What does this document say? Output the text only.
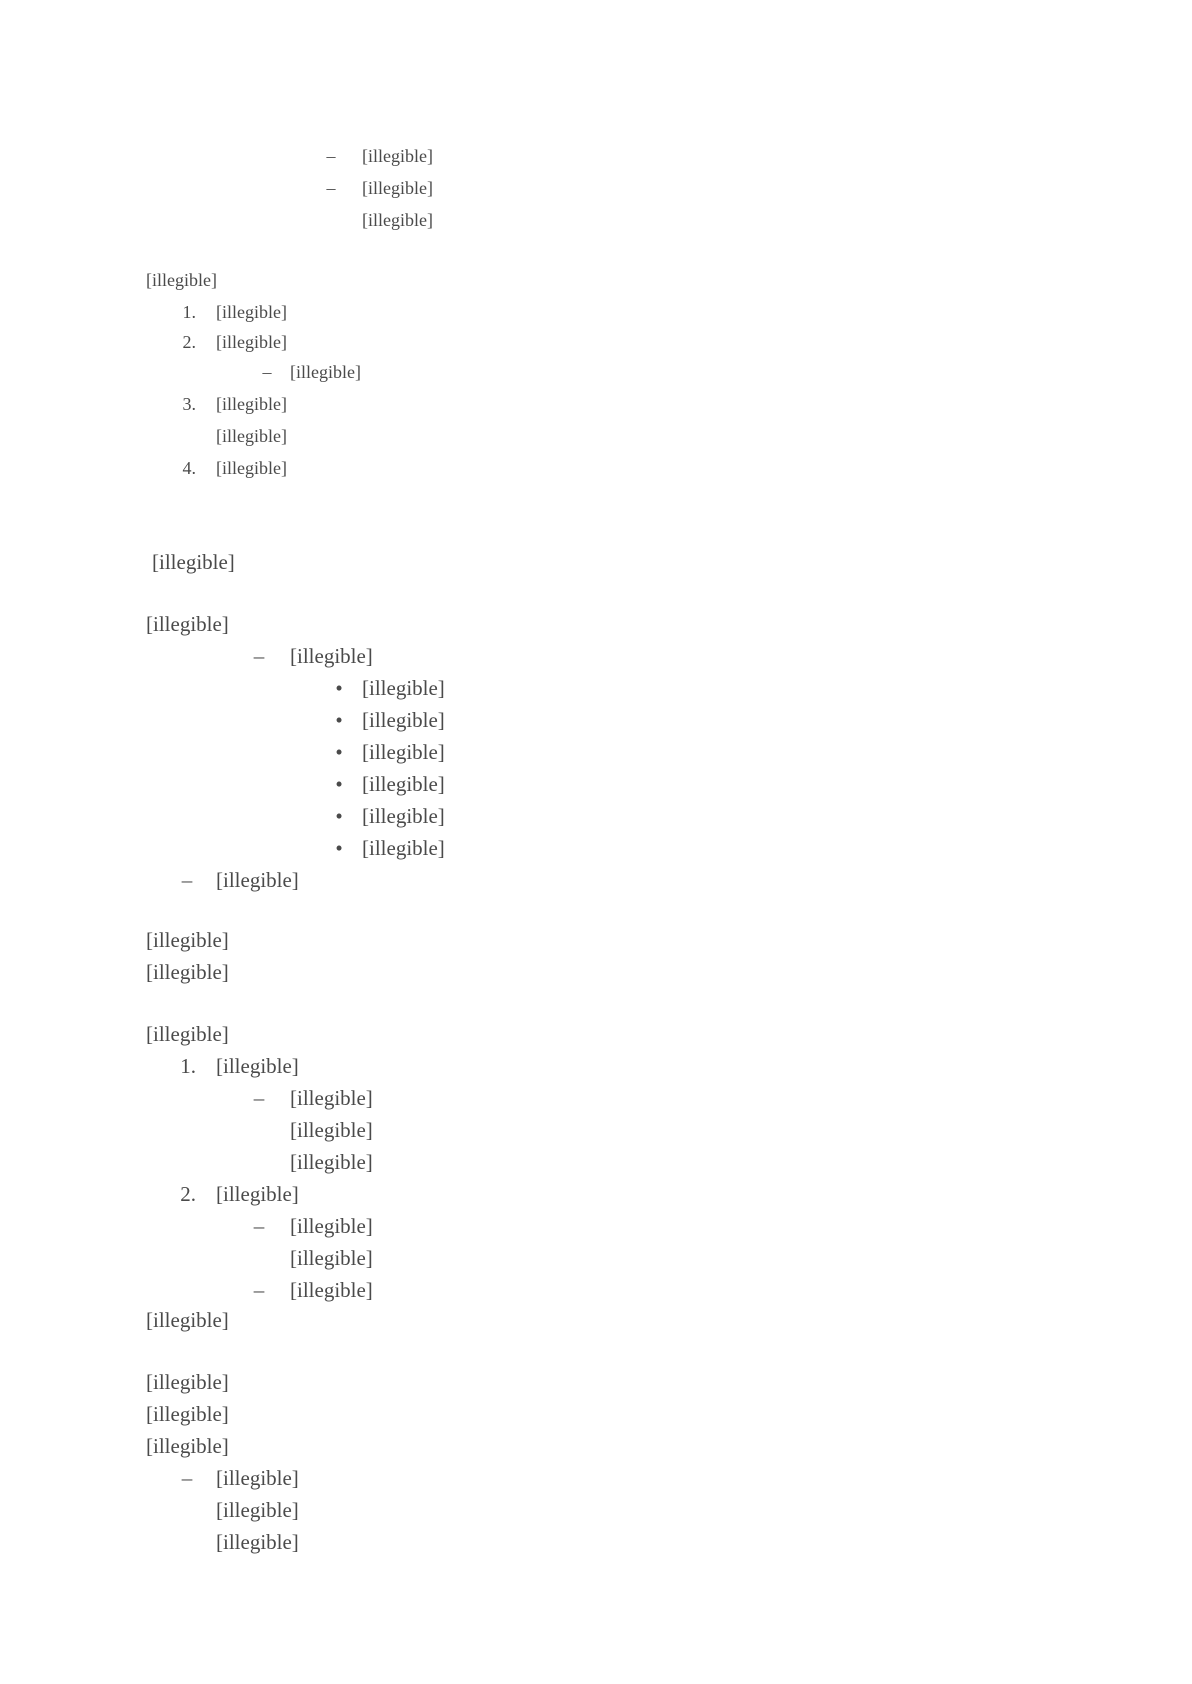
– [illegible]
– [illegible]
[illegible]
[illegible]
1. [illegible]
2. [illegible]
– [illegible]
3. [illegible]
[illegible]
4. [illegible]
[illegible]
[illegible]
– [illegible]
• [illegible]
• [illegible]
• [illegible]
• [illegible]
• [illegible]
• [illegible]
– [illegible]
[illegible]
[illegible]
[illegible]
1. [illegible]
– [illegible]
[illegible]
[illegible]
2. [illegible]
– [illegible]
[illegible]
– [illegible]
[illegible]
[illegible]
[illegible]
[illegible]
– [illegible]
[illegible]
[illegible]
